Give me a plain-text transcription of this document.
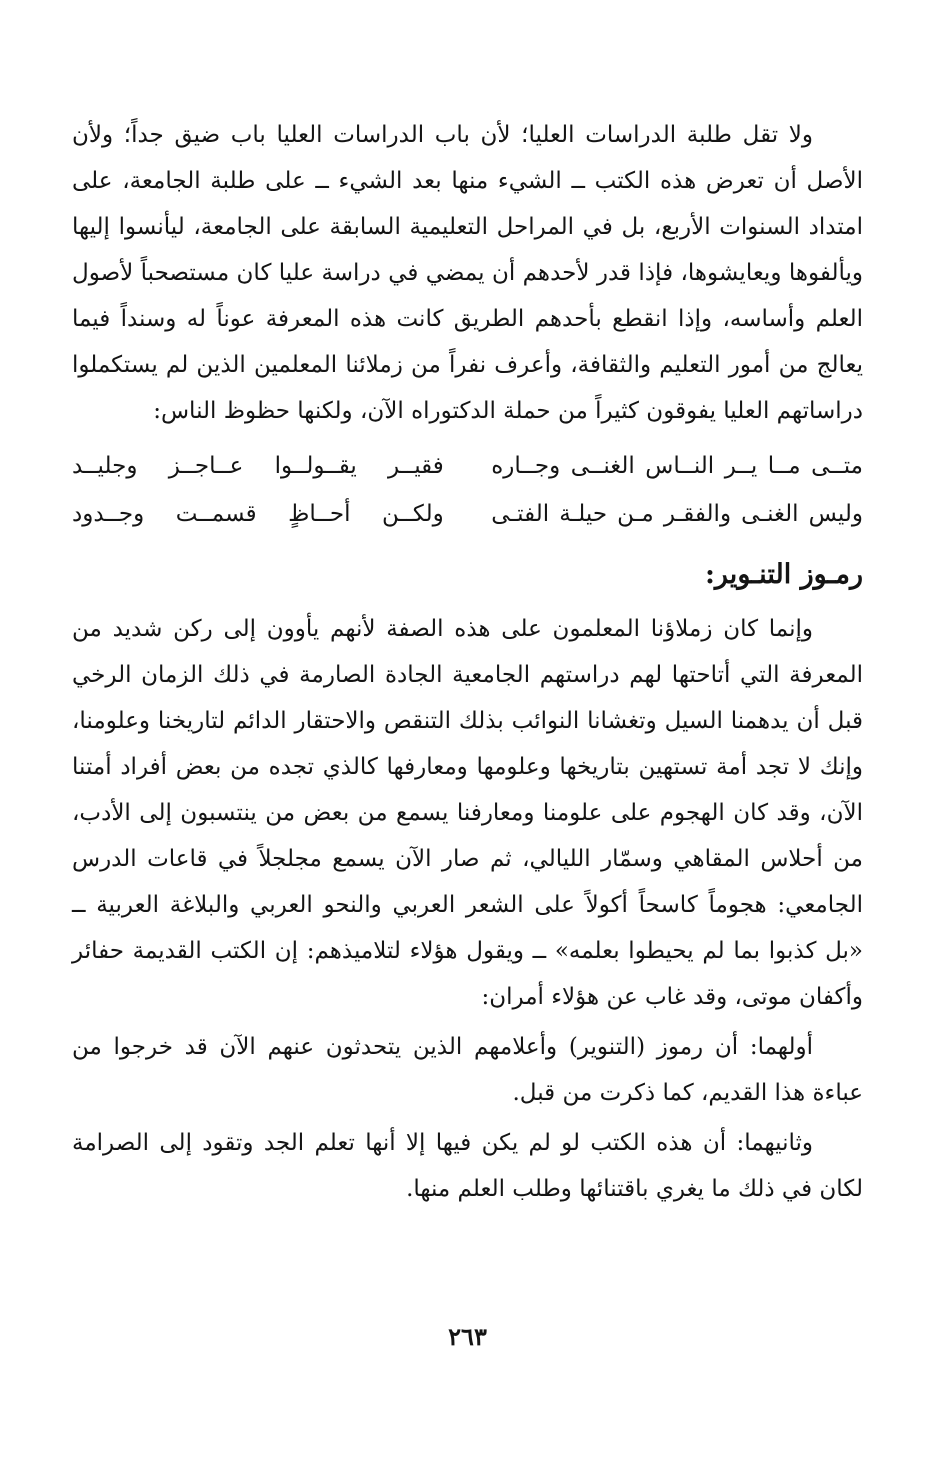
ولا تقل طلبة الدراسات العليا؛ لأن باب الدراسات العليا باب ضيق جداً؛ ولأن الأصل أن تعرض هذه الكتب ــ الشيء منها بعد الشيء ــ على طلبة الجامعة، على امتداد السنوات الأربع، بل في المراحل التعليمية السابقة على الجامعة، ليأنسوا إليها ويألفوها ويعايشوها، فإذا قدر لأحدهم أن يمضي في دراسة عليا كان مستصحباً لأصول العلم وأساسه، وإذا انقطع بأحدهم الطريق كانت هذه المعرفة عوناً له وسنداً فيما يعالج من أمور التعليم والثقافة، وأعرف نفراً من زملائنا المعلمين الذين لم يستكملوا دراساتهم العليا يفوقون كثيراً من حملة الدكتوراه الآن، ولكنها حظوظ الناس:

متــى مــا يــر النــاس الغنــى وجــاره
فقيــر يقــولــوا عــاجــز وجليــد
وليس الغنـى والفقـر مـن حيلـة الفتـى
ولكــن أحــاظٍ قسمــت وجــدود
رمـوز التنـوير:

وإنما كان زملاؤنا المعلمون على هذه الصفة لأنهم يأوون إلى ركن شديد من المعرفة التي أتاحتها لهم دراستهم الجامعية الجادة الصارمة في ذلك الزمان الرخي قبل أن يدهمنا السيل وتغشانا النوائب بذلك التنقص والاحتقار الدائم لتاريخنا وعلومنا، وإنك لا تجد أمة تستهين بتاريخها وعلومها ومعارفها كالذي تجده من بعض أفراد أمتنا الآن، وقد كان الهجوم على علومنا ومعارفنا يسمع من بعض من ينتسبون إلى الأدب، من أحلاس المقاهي وسمّار الليالي، ثم صار الآن يسمع مجلجلاً في قاعات الدرس الجامعي: هجوماً كاسحاً أكولاً على الشعر العربي والنحو العربي والبلاغة العربية ــ «بل كذبوا بما لم يحيطوا بعلمه» ــ ويقول هؤلاء لتلاميذهم: إن الكتب القديمة حفائر وأكفان موتى، وقد غاب عن هؤلاء أمران:

أولهما: أن رموز (التنوير) وأعلامهم الذين يتحدثون عنهم الآن قد خرجوا من عباءة هذا القديم، كما ذكرت من قبل.

وثانيهما: أن هذه الكتب لو لم يكن فيها إلا أنها تعلم الجد وتقود إلى الصرامة لكان في ذلك ما يغري باقتنائها وطلب العلم منها.

٢٦٣
